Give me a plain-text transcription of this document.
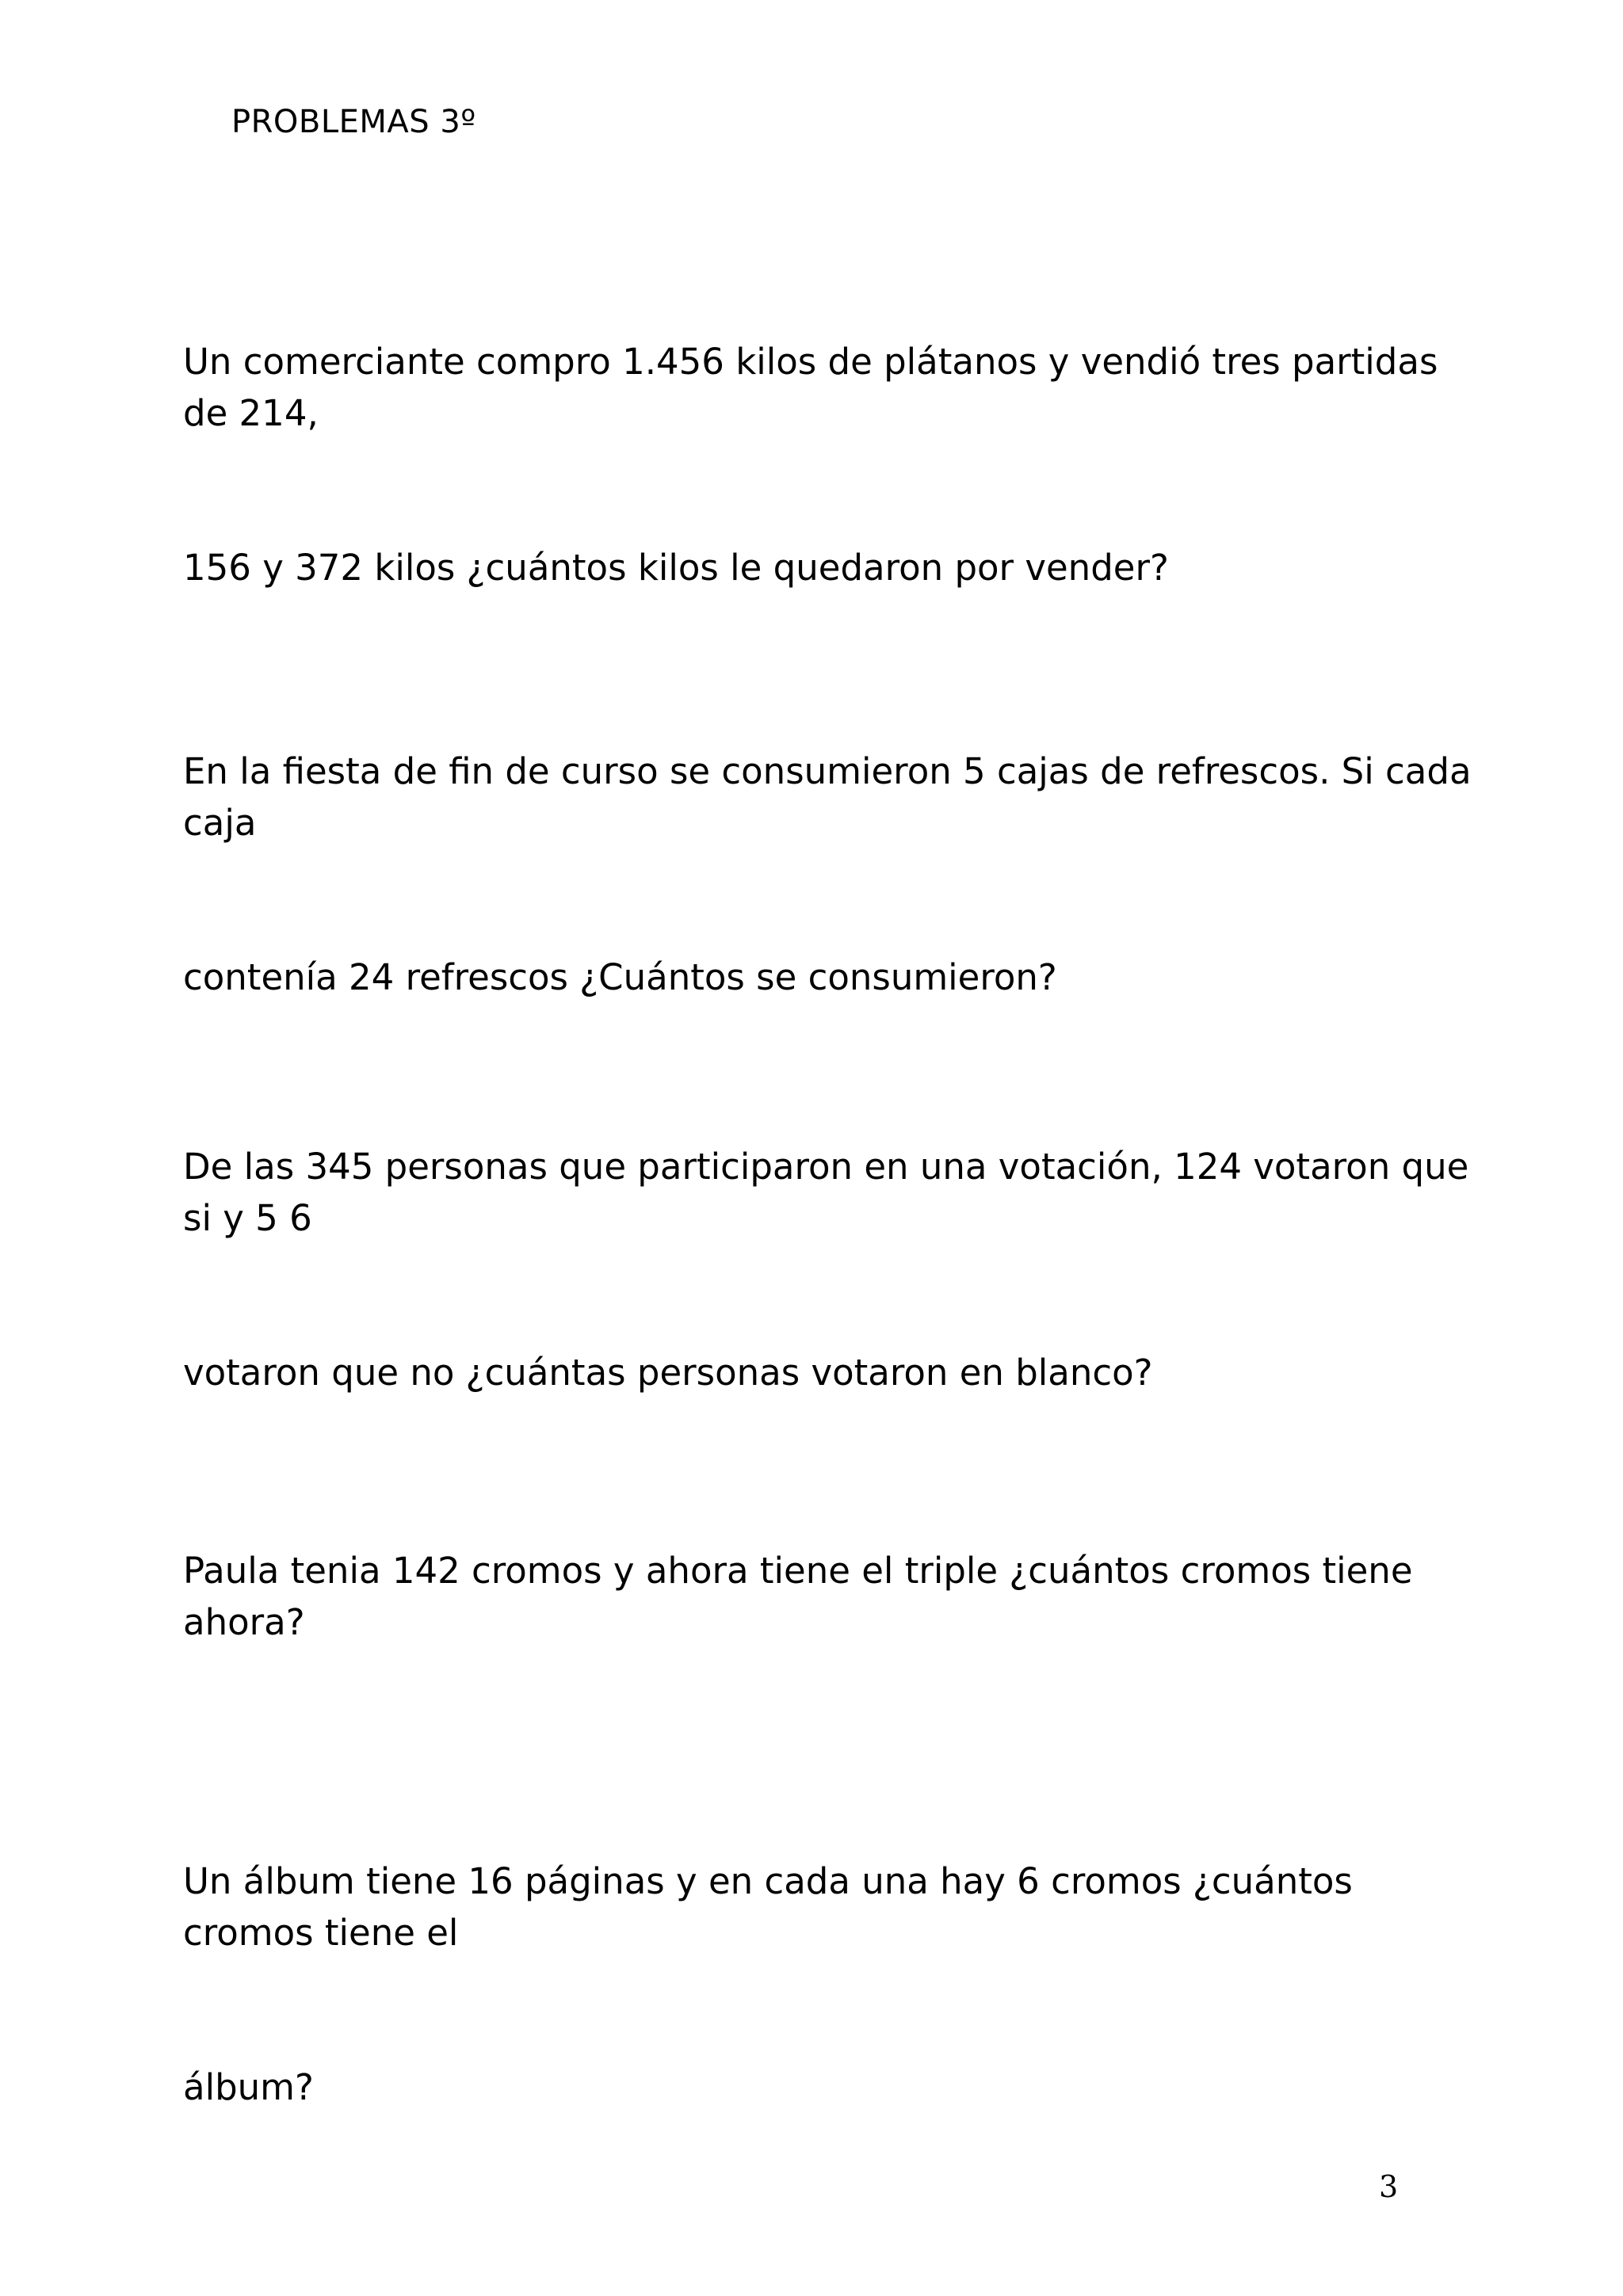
PROBLEMAS 3º

Un comerciante compro 1.456 kilos de plátanos y vendió tres partidas de 214,

156 y 372 kilos ¿cuántos kilos le quedaron por vender?

En la fiesta de fin de curso se consumieron 5 cajas de refrescos. Si cada caja

contenía 24 refrescos ¿Cuántos se consumieron?

De las 345 personas que participaron en una votación, 124 votaron que si y 5 6

votaron que no ¿cuántas personas votaron en blanco?

Paula tenia 142 cromos y ahora tiene el triple ¿cuántos cromos tiene ahora?

Un álbum tiene 16 páginas y en cada una hay 6 cromos ¿cuántos cromos tiene el

álbum?

3
